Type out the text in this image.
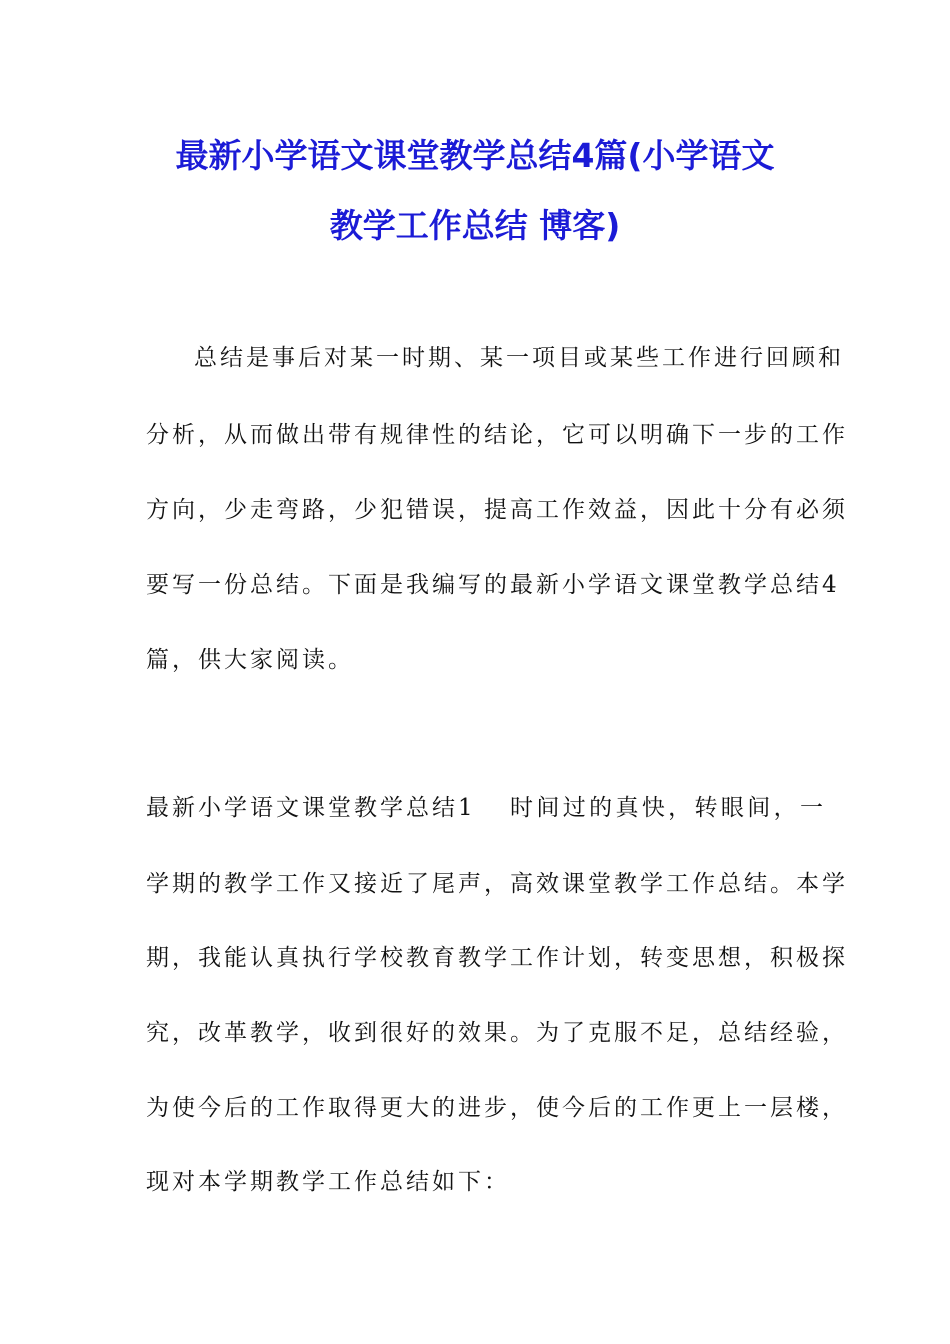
最新小学语文课堂教学总结4篇(小学语文
教学工作总结 博客)
总结是事后对某一时期、某一项目或某些工作进行回顾和
分析，从而做出带有规律性的结论，它可以明确下一步的工作
方向，少走弯路，少犯错误，提高工作效益，因此十分有必须
要写一份总结。下面是我编写的最新小学语文课堂教学总结4
篇，供大家阅读。
最新小学语文课堂教学总结1 时间过的真快，转眼间，一
学期的教学工作又接近了尾声，高效课堂教学工作总结。本学
期，我能认真执行学校教育教学工作计划，转变思想，积极探
究，改革教学，收到很好的效果。为了克服不足，总结经验，
为使今后的工作取得更大的进步，使今后的工作更上一层楼，
现对本学期教学工作总结如下：
